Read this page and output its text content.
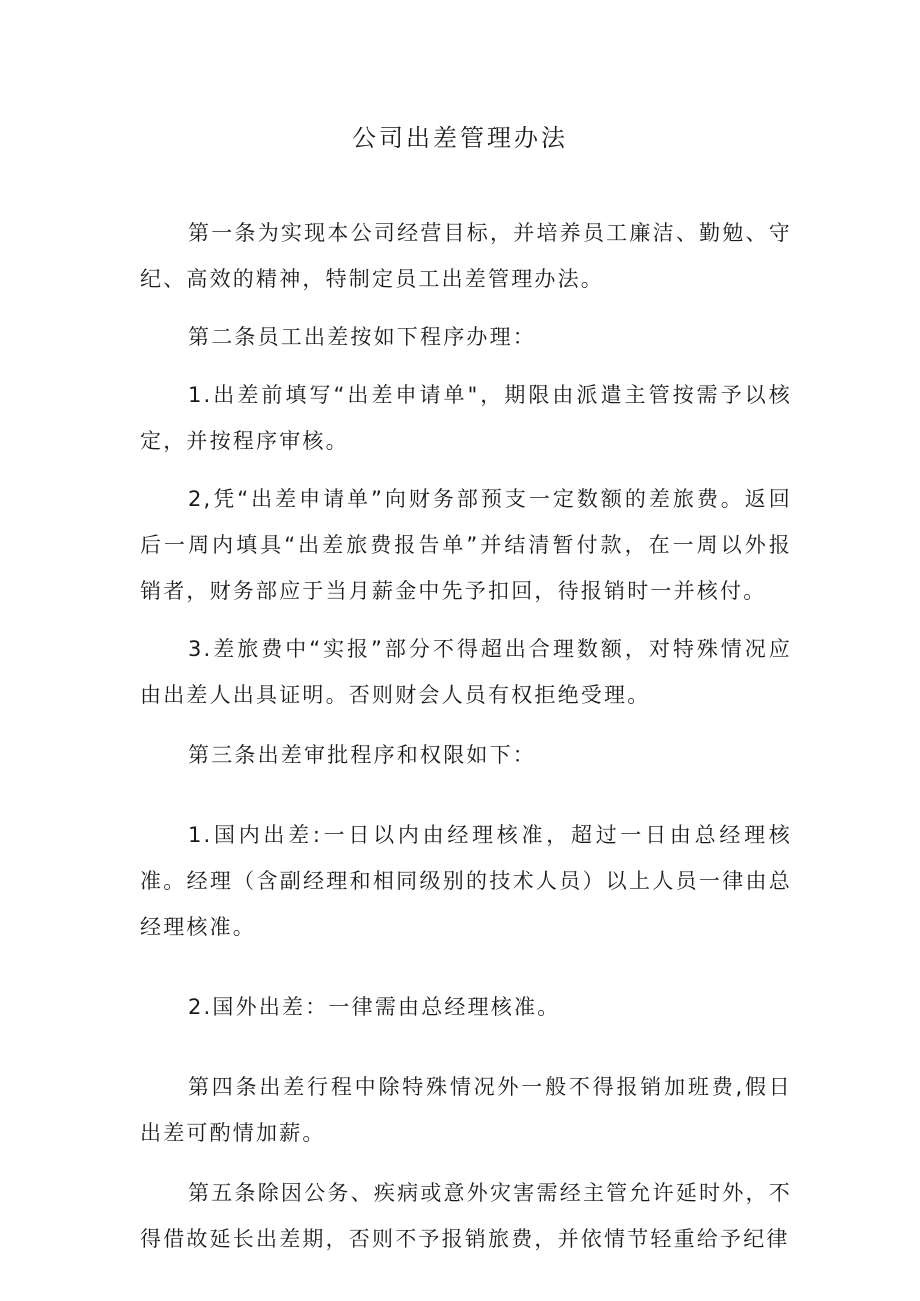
公司出差管理办法

第一条为实现本公司经营目标，并培养员工廉洁、勤勉、守纪、高效的精神，特制定员工出差管理办法。

第二条员工出差按如下程序办理：

1.出差前填写“出差申请单"，期限由派遣主管按需予以核定，并按程序审核。

2,凭“出差申请单”向财务部预支一定数额的差旅费。返回后一周内填具“出差旅费报告单”并结清暂付款，在一周以外报销者，财务部应于当月薪金中先予扣回，待报销时一并核付。

3.差旅费中“实报”部分不得超出合理数额，对特殊情况应由出差人出具证明。否则财会人员有权拒绝受理。

第三条出差审批程序和权限如下：

1.国内出差:一日以内由经理核准，超过一日由总经理核准。经理（含副经理和相同级别的技术人员）以上人员一律由总经理核准。

2.国外出差：一律需由总经理核准。

第四条出差行程中除特殊情况外一般不得报销加班费,假日出差可酌情加薪。

第五条除因公务、疾病或意外灾害需经主管允许延时外，不得借故延长出差期，否则不予报销旅费，并依情节轻重给予纪律
